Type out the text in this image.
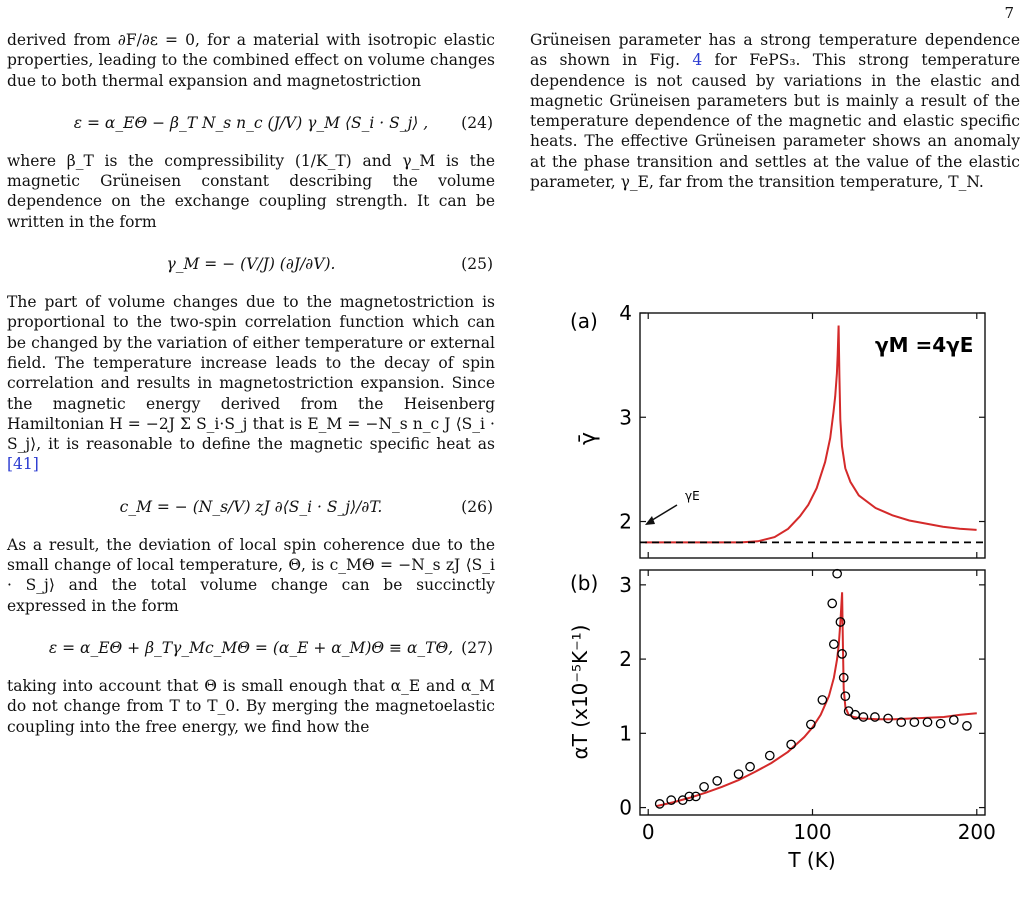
7

derived from ∂F/∂ε = 0, for a material with isotropic elastic properties, leading to the combined effect on volume changes due to both thermal expansion and magnetostriction

ε = α_EΘ − β_T N_s n_c (J/V) γ_M ⟨S_i · S_j⟩ , (24)

where β_T is the compressibility (1/K_T) and γ_M is the magnetic Grüneisen constant describing the volume dependence on the exchange coupling strength. It can be written in the form

γ_M = − (V/J) (∂J/∂V).	(25)

The part of volume changes due to the magnetostriction is proportional to the two-spin correlation function which can be changed by the variation of either temperature or external field. The temperature increase leads to the decay of spin correlation and results in magnetostriction expansion. Since the magnetic energy derived from the Heisenberg Hamiltonian H = −2J Σ S_i·S_j that is E_M = −N_s n_c J ⟨S_i · S_j⟩, it is reasonable to define the magnetic specific heat as [41]

c_M = − (N_s/V) zJ ∂⟨S_i · S_j⟩/∂T.	(26)

As a result, the deviation of local spin coherence due to the small change of local temperature, Θ, is c_MΘ = −N_s zJ ⟨S_i · S_j⟩ and the total volume change can be succinctly expressed in the form

ε = α_EΘ + β_Tγ_Mc_MΘ = (α_E + α_M)Θ ≡ α_TΘ, (27)

taking into account that Θ is small enough that α_E and α_M do not change from T to T_0. By merging the magnetoelastic coupling into the free energy, we find how the

Grüneisen parameter has a strong temperature dependence as shown in Fig. 4 for FePS₃. This strong temperature dependence is not caused by variations in the elastic and magnetic Grüneisen parameters but is mainly a result of the temperature dependence of the magnetic and elastic specific heats. The effective Grüneisen parameter shows an anomaly at the phase transition and settles at the value of the elastic parameter, γ_E, far from the transition temperature, T_N.

(a)
γ̄
γM =4γE
γE
2
3
4
(b)
αT (x10⁻⁵K⁻¹)
T (K)
0
1
2
3
0	100	200
